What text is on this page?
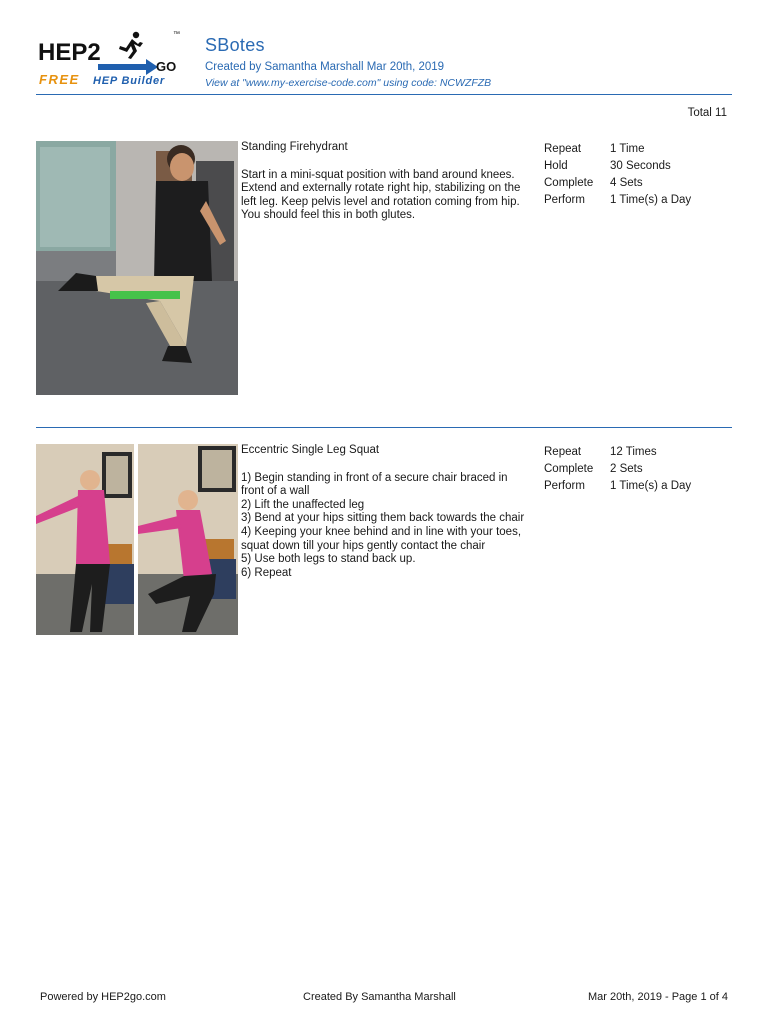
HEP2
GO
™
FREE HEP Builder
SBotes
Created by Samantha Marshall Mar 20th, 2019
View at "www.my-exercise-code.com" using code: NCWZFZB
Total 11
Standing Firehydrant
Start in a mini-squat position with band around knees. Extend and externally rotate right hip, stabilizing on the left leg. Keep pelvis level and rotation coming from hip. You should feel this in both glutes.
Repeat	1 Time
Hold	30 Seconds
Complete	4 Sets
Perform	1 Time(s) a Day
Eccentric Single Leg Squat
1) Begin standing in front of a secure chair braced in front of a wall
2) Lift the unaffected leg
3) Bend at your hips sitting them back towards the chair
4) Keeping your knee behind and in line with your toes, squat down till your hips gently contact the chair
5) Use both legs to stand back up.
6) Repeat
Repeat	12 Times
Complete	2 Sets
Perform	1 Time(s) a Day
Powered by HEP2go.com	Created By Samantha Marshall	Mar 20th, 2019 - Page 1 of 4
